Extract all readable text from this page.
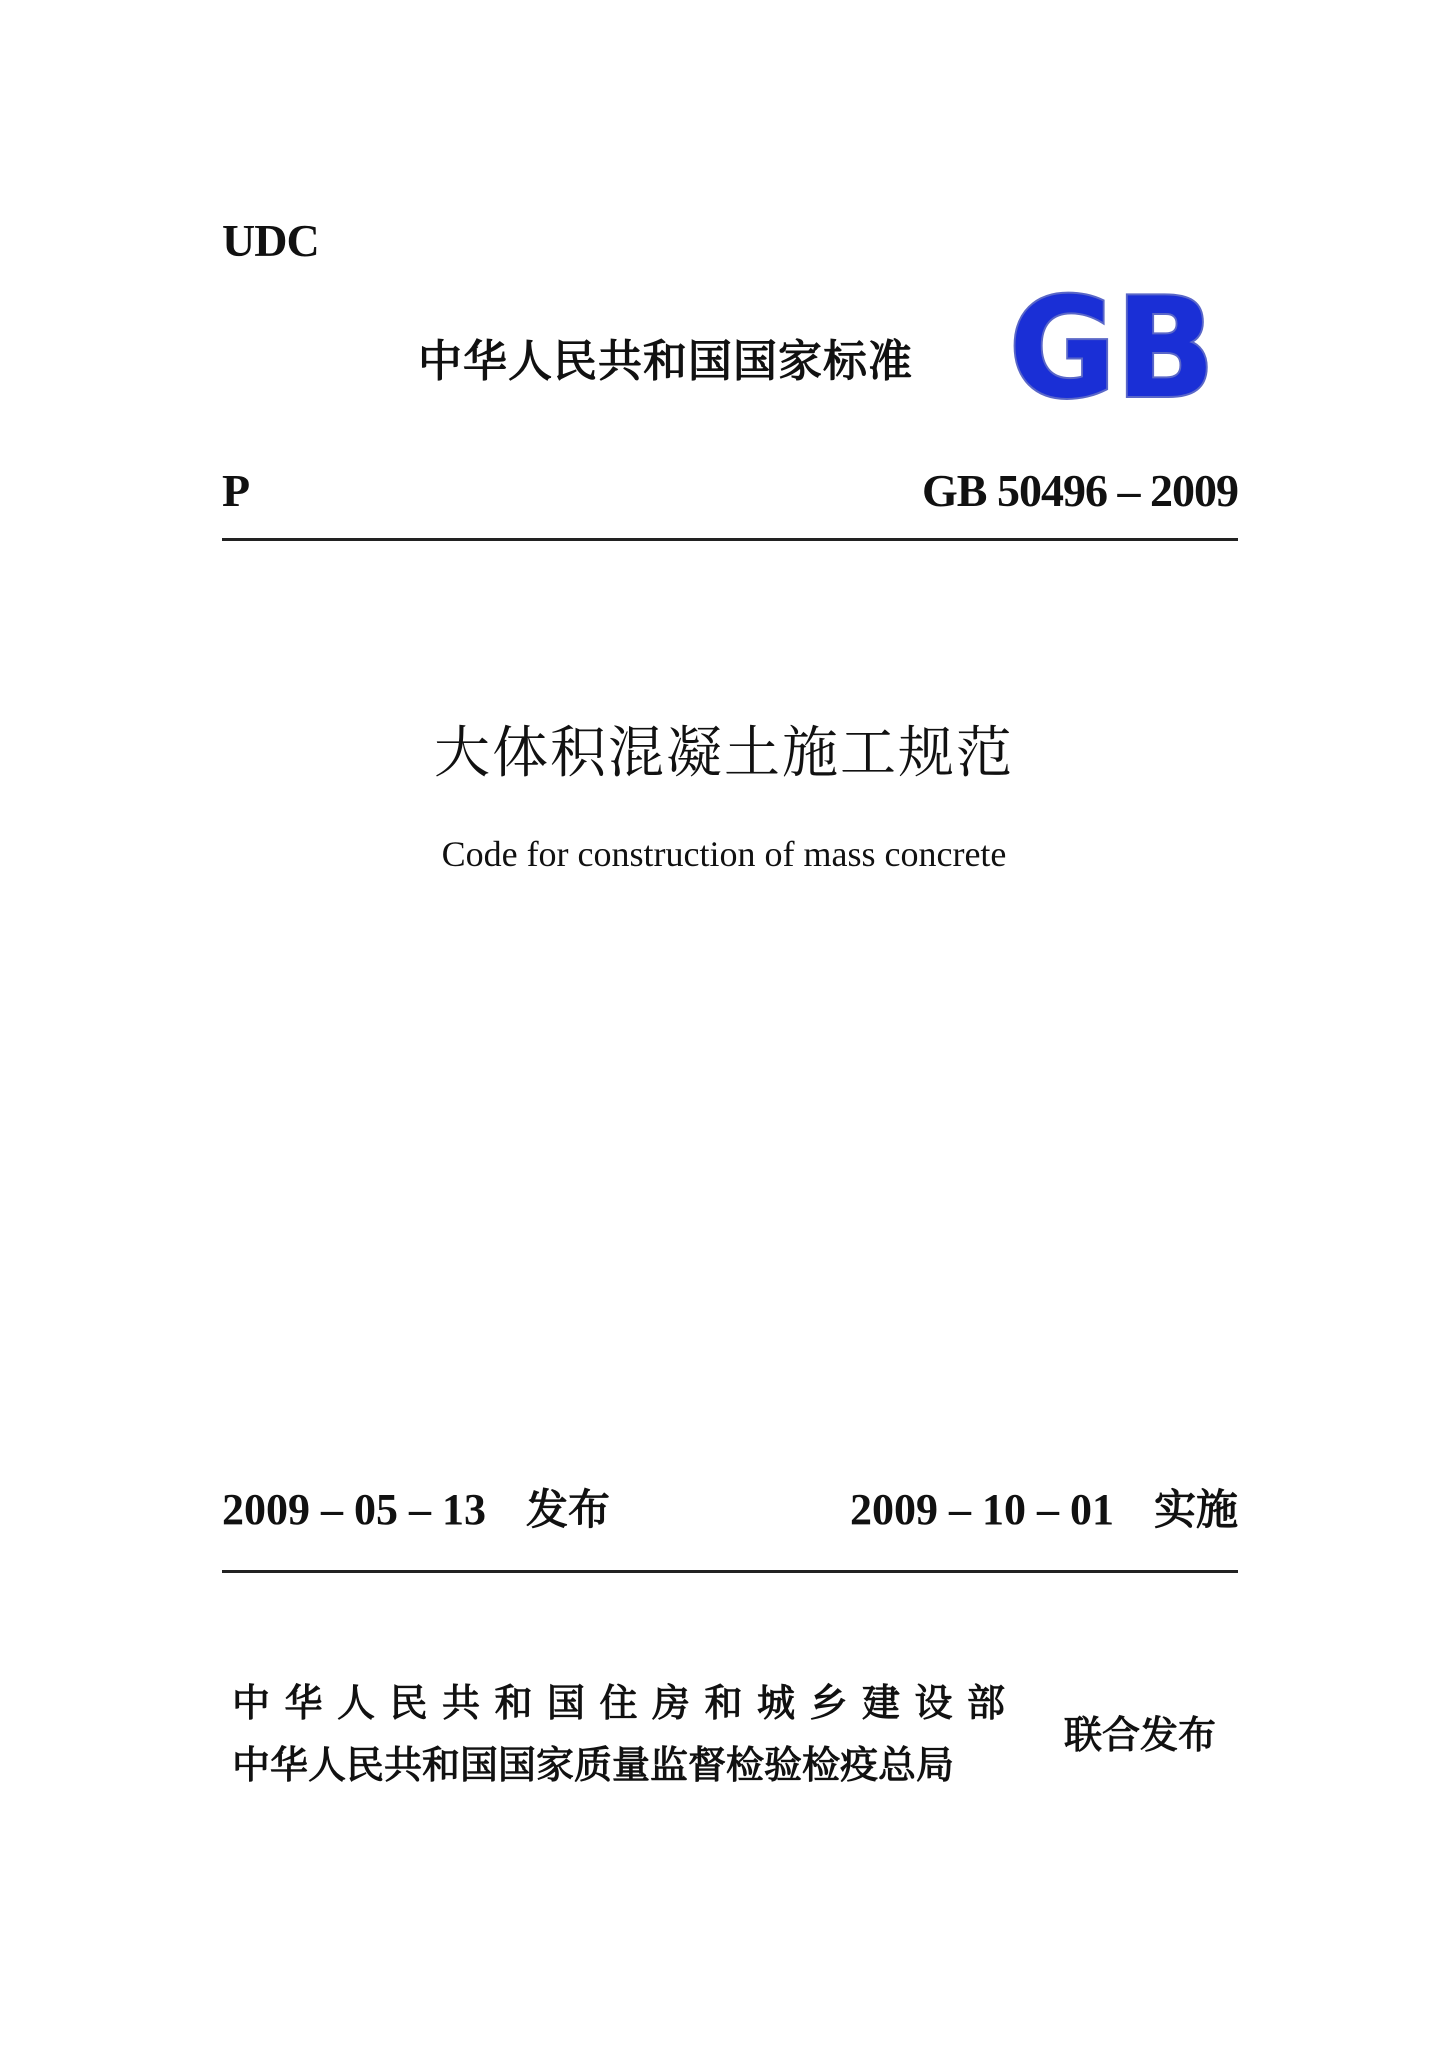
UDC
中华人民共和国国家标准 GB
P	GB 50496 – 2009
大体积混凝土施工规范
Code for construction of mass concrete
2009 – 05 – 13 发布	2009 – 10 – 01 实施
中华人民共和国住房和城乡建设部
中华人民共和国国家质量监督检验检疫总局
联合发布
